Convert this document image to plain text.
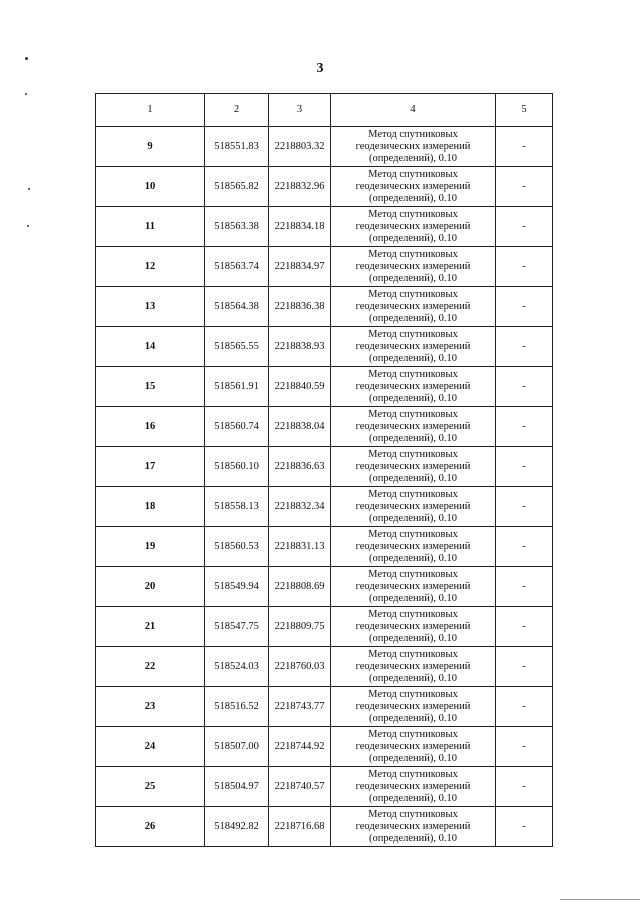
3
1	2	3	4	5
9	518551.83	2218803.32	Метод спутниковых
геодезических измерений
(определений), 0.10	-
10	518565.82	2218832.96	Метод спутниковых
геодезических измерений
(определений), 0.10	-
11	518563.38	2218834.18	Метод спутниковых
геодезических измерений
(определений), 0.10	-
12	518563.74	2218834.97	Метод спутниковых
геодезических измерений
(определений), 0.10	-
13	518564.38	2218836.38	Метод спутниковых
геодезических измерений
(определений), 0.10	-
14	518565.55	2218838.93	Метод спутниковых
геодезических измерений
(определений), 0.10	-
15	518561.91	2218840.59	Метод спутниковых
геодезических измерений
(определений), 0.10	-
16	518560.74	2218838.04	Метод спутниковых
геодезических измерений
(определений), 0.10	-
17	518560.10	2218836.63	Метод спутниковых
геодезических измерений
(определений), 0.10	-
18	518558.13	2218832.34	Метод спутниковых
геодезических измерений
(определений), 0.10	-
19	518560.53	2218831.13	Метод спутниковых
геодезических измерений
(определений), 0.10	-
20	518549.94	2218808.69	Метод спутниковых
геодезических измерений
(определений), 0.10	-
21	518547.75	2218809.75	Метод спутниковых
геодезических измерений
(определений), 0.10	-
22	518524.03	2218760.03	Метод спутниковых
геодезических измерений
(определений), 0.10	-
23	518516.52	2218743.77	Метод спутниковых
геодезических измерений
(определений), 0.10	-
24	518507.00	2218744.92	Метод спутниковых
геодезических измерений
(определений), 0.10	-
25	518504.97	2218740.57	Метод спутниковых
геодезических измерений
(определений), 0.10	-
26	518492.82	2218716.68	Метод спутниковых
геодезических измерений
(определений), 0.10	-
